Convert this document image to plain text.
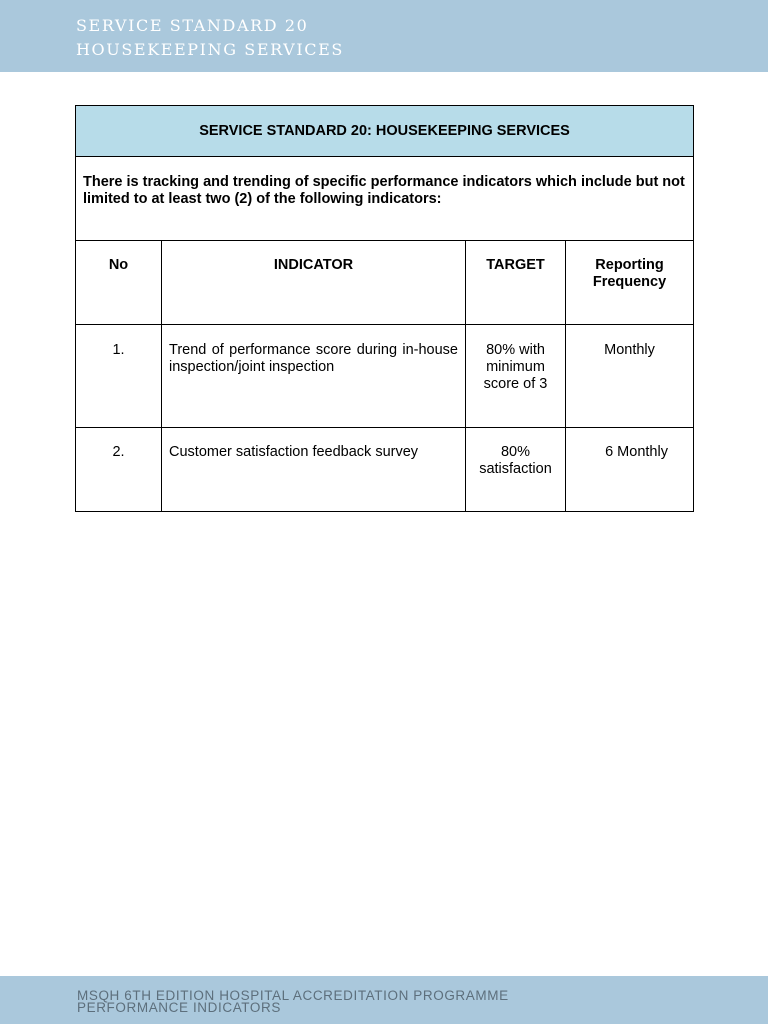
SERVICE STANDARD 20
HOUSEKEEPING SERVICES
SERVICE STANDARD 20: HOUSEKEEPING SERVICES			
There is tracking and trending of specific performance indicators which include but not limited to at least two (2) of the following indicators:			
No	INDICATOR	TARGET	Reporting Frequency
1.	Trend of performance score during in-house inspection/joint inspection	80% with minimum score of 3	Monthly
2.	Customer satisfaction feedback survey	80% satisfaction	6 Monthly
MSQH 6TH EDITION HOSPITAL ACCREDITATION PROGRAMME
PERFORMANCE INDICATORS
